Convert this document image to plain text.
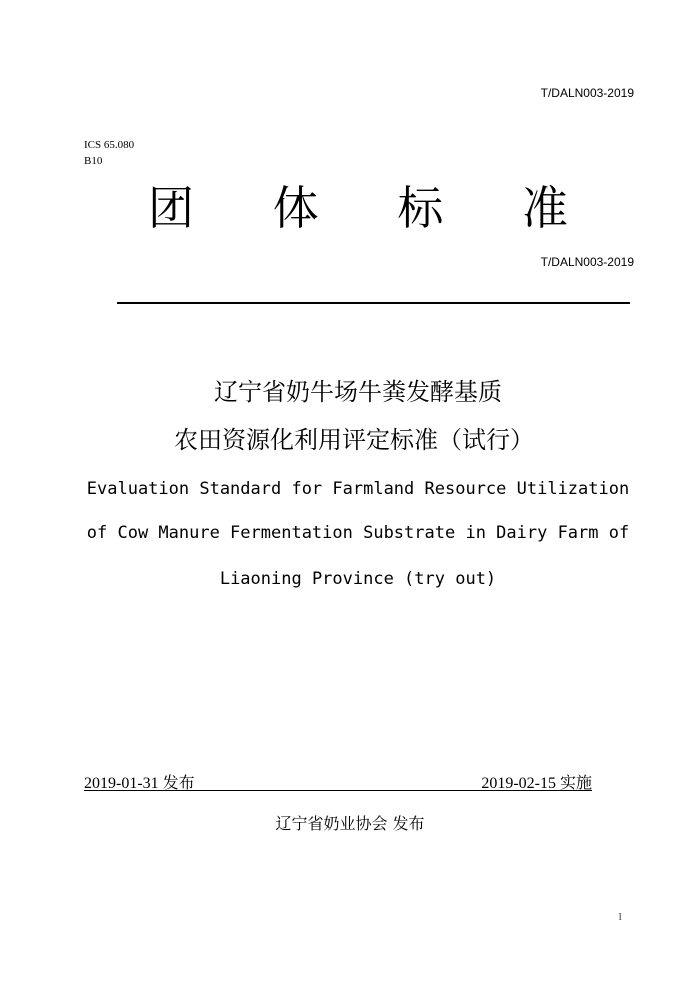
T/DALN003-2019
ICS 65.080
B10
团 体 标 准
T/DALN003-2019
辽宁省奶牛场牛粪发酵基质
农田资源化利用评定标准（试行）
Evaluation Standard for Farmland Resource Utilization
of Cow Manure Fermentation Substrate in Dairy Farm of
Liaoning Province (try out)
2019-01-31 发布	2019-02-15 实施
辽宁省奶业协会 发布
I
